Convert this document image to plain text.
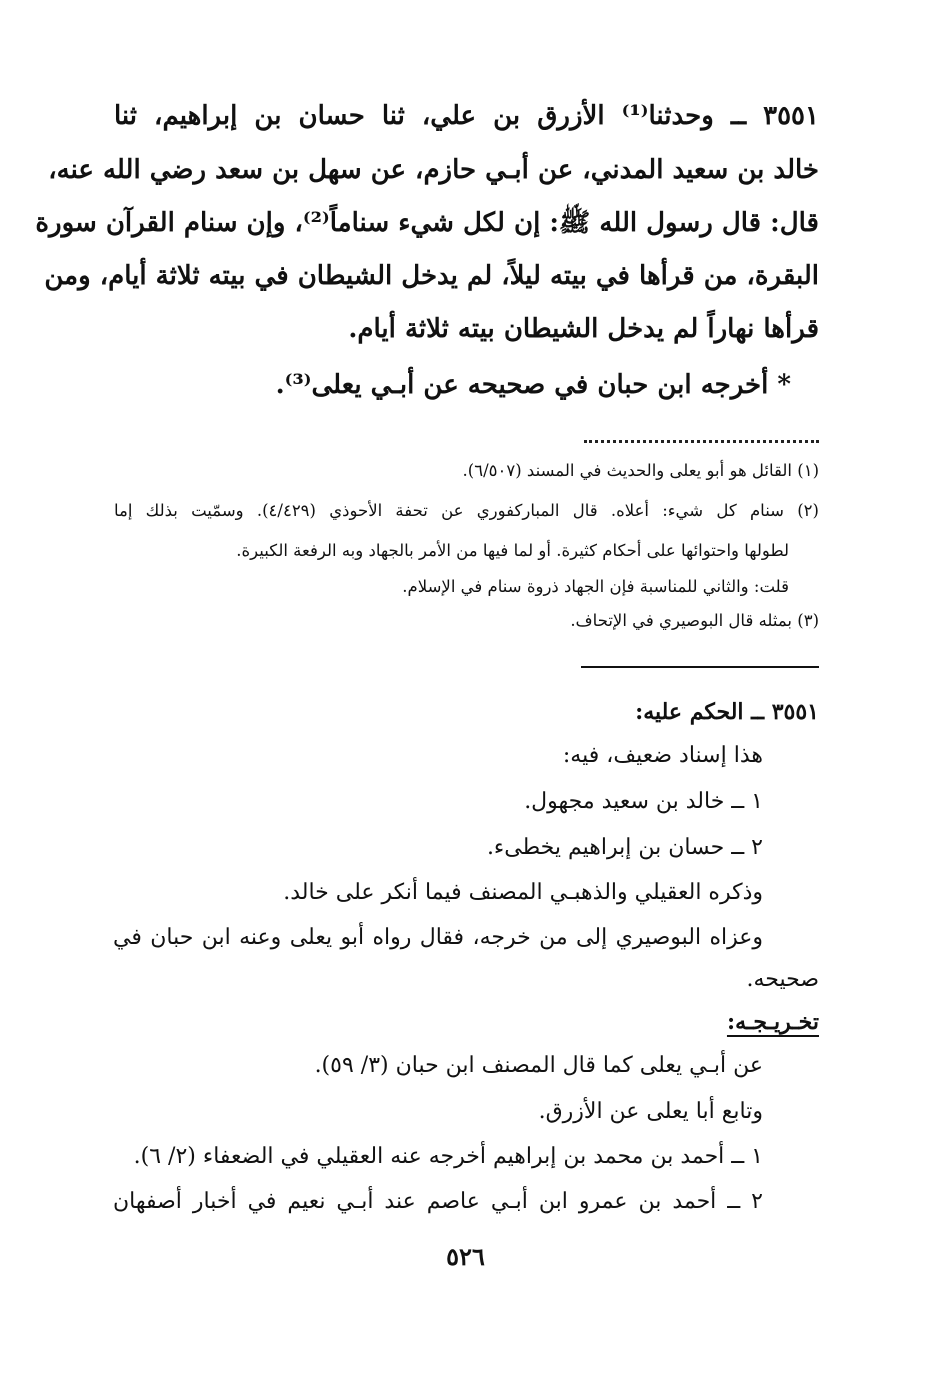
٣٥٥١ ــ وحدثنا⁽¹⁾ الأزرق بن علي، ثنا حسان بن إبراهيم، ثنا
خالد بن سعيد المدني، عن أبـي حازم، عن سهل بن سعد رضي الله عنه،
قال: قال رسول الله ﷺ: إن لكل شيء سناماً⁽²⁾، وإن سنام القرآن سورة
البقرة، من قرأها في بيته ليلاً، لم يدخل الشيطان في بيته ثلاثة أيام، ومن
قرأها نهاراً لم يدخل الشيطان بيته ثلاثة أيام.
* أخرجه ابن حبان في صحيحه عن أبـي يعلى⁽³⁾.
(١) القائل هو أبو يعلى والحديث في المسند (٦/٥٠٧).
(٢) سنام كل شيء: أعلاه. قال المباركفوري عن تحفة الأحوذي (٤/٤٢٩). وسمّيت بذلك إما
لطولها واحتوائها على أحكام كثيرة. أو لما فيها من الأمر بالجهاد وبه الرفعة الكبيرة.
قلت: والثاني للمناسبة فإن الجهاد ذروة سنام في الإسلام.
(٣) بمثله قال البوصيري في الإتحاف.
٣٥٥١ ــ الحكم عليه:
هذا إسناد ضعيف، فيه:
١ ــ خالد بن سعيد مجهول.
٢ ــ حسان بن إبراهيم يخطىء.
وذكره العقيلي والذهبـي المصنف فيما أنكر على خالد.
وعزاه البوصيري إلى من خرجه، فقال رواه أبو يعلى وعنه ابن حبان في
صحيحه.
تخـريـجـه:
عن أبـي يعلى كما قال المصنف ابن حبان (٣/ ٥٩).
وتابع أبا يعلى عن الأزرق.
١ ــ أحمد بن محمد بن إبراهيم أخرجه عنه العقيلي في الضعفاء (٢/ ٦).
٢ ــ أحمد بن عمرو ابن أبـي عاصم عند أبـي نعيم في أخبار أصفهان
٥٢٦
